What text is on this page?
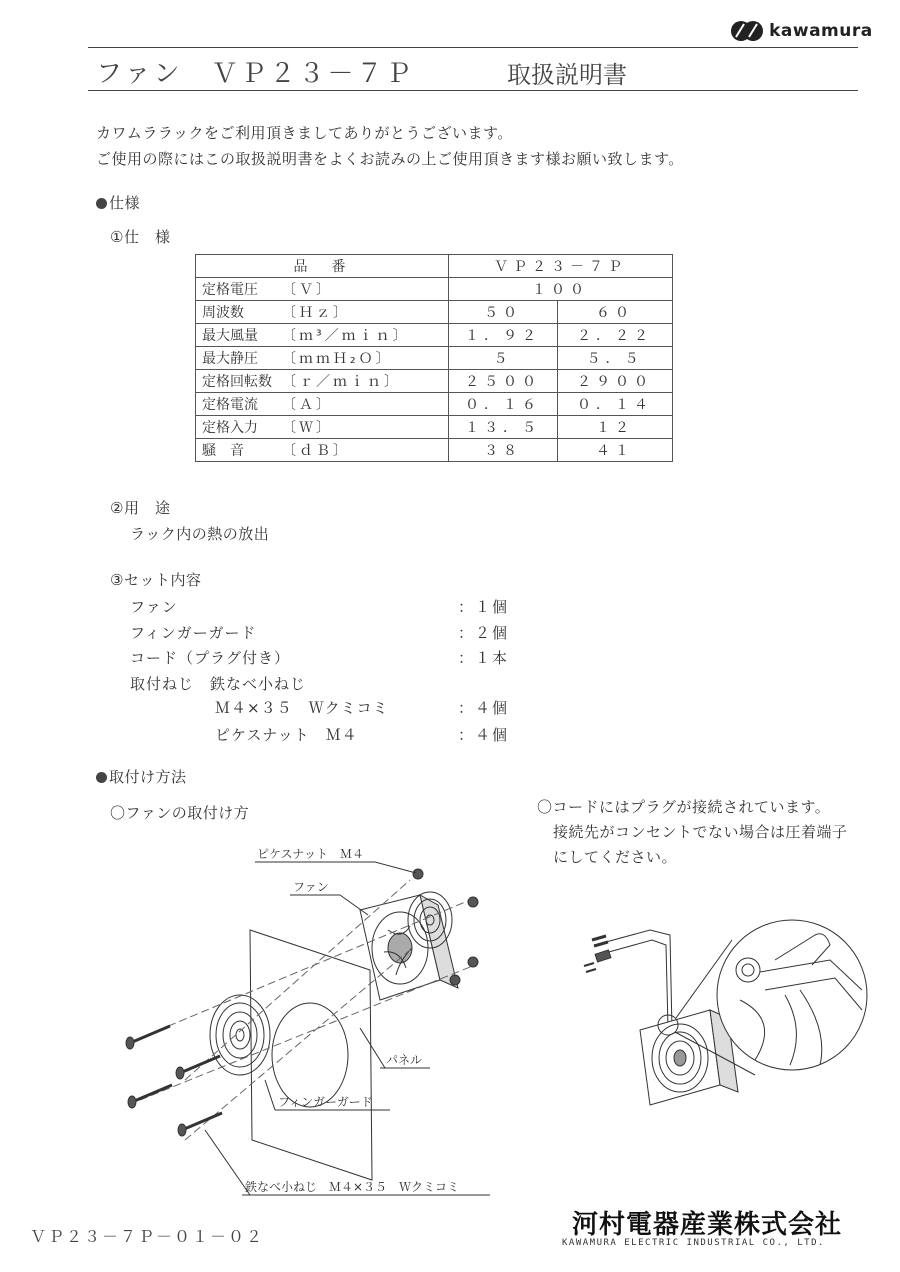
kawamura
ファン　ＶＰ２３－７Ｐ	取扱説明書
カワムララックをご利用頂きましてありがとうございます。
ご使用の際にはこの取扱説明書をよくお読みの上ご使用頂きます様お願い致します。
仕様
①仕　様
品　番	ＶＰ２３－７Ｐ	
定格電圧 〔Ｖ〕	１００	
周波数 〔Ｈｚ〕	５０	６０
最大風量 〔ｍ³／ｍｉｎ〕	１．９２	２．２２
最大静圧 〔ｍｍＨ₂Ｏ〕	５	５．５
定格回転数 〔ｒ／ｍｉｎ〕	２５００	２９００
定格電流 〔Ａ〕	０．１６	０．１４
定格入力 〔Ｗ〕	１３．５	１２
騒　音 〔ｄＢ〕	３８	４１
②用　途
ラック内の熱の放出
③セット内容
ファン	：１個
フィンガーガード	：２個
コード（プラグ付き）	：１本
取付ねじ　鉄なべ小ねじ
Ｍ４×３５　Ｗクミコミ	：４個
ピケスナット　Ｍ４	：４個
取付け方法
〇ファンの取付け方	〇コードにはプラグが接続されています。
接続先がコンセントでない場合は圧着端子
にしてください。
ピケスナット　Ｍ４
ファン
パネル
フィンガーガード
鉄なべ小ねじ　Ｍ４×３５　Ｗクミコミ
ＶＰ２３－７Ｐ－０１－０２	河村電器産業株式会社
KAWAMURA ELECTRIC INDUSTRIAL CO., LTD.
